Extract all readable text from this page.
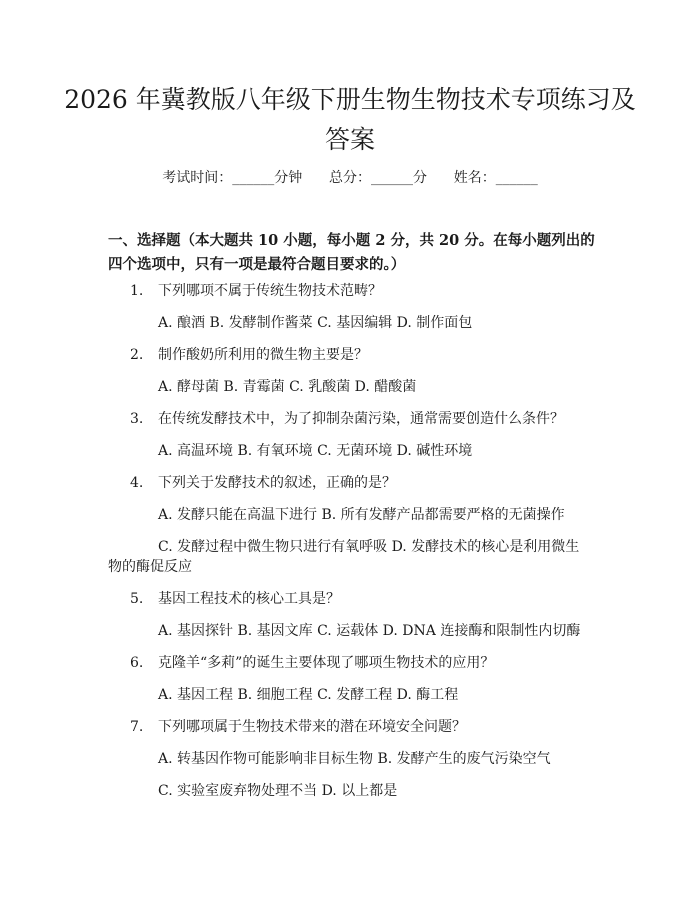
2026 年冀教版八年级下册生物生物技术专项练习及答案
考试时间：______分钟      总分：______分      姓名：______
一、选择题（本大题共 10 小题，每小题 2 分，共 20 分。在每小题列出的四个选项中，只有一项是最符合题目要求的。）
1.	下列哪项不属于传统生物技术范畴？
A. 酿酒 B. 发酵制作酱菜 C. 基因编辑 D. 制作面包
2.	制作酸奶所利用的微生物主要是？
A. 酵母菌 B. 青霉菌 C. 乳酸菌 D. 醋酸菌
3.	在传统发酵技术中，为了抑制杂菌污染，通常需要创造什么条件？
A. 高温环境 B. 有氧环境 C. 无菌环境 D. 碱性环境
4.	下列关于发酵技术的叙述，正确的是？
A. 发酵只能在高温下进行 B. 所有发酵产品都需要严格的无菌操作
C. 发酵过程中微生物只进行有氧呼吸 D. 发酵技术的核心是利用微生物的酶促反应
5.	基因工程技术的核心工具是？
A. 基因探针 B. 基因文库 C. 运载体 D. DNA 连接酶和限制性内切酶
6.	克隆羊“多莉”的诞生主要体现了哪项生物技术的应用？
A. 基因工程 B. 细胞工程 C. 发酵工程 D. 酶工程
7.	下列哪项属于生物技术带来的潜在环境安全问题？
A. 转基因作物可能影响非目标生物 B. 发酵产生的废气污染空气
C. 实验室废弃物处理不当 D. 以上都是
